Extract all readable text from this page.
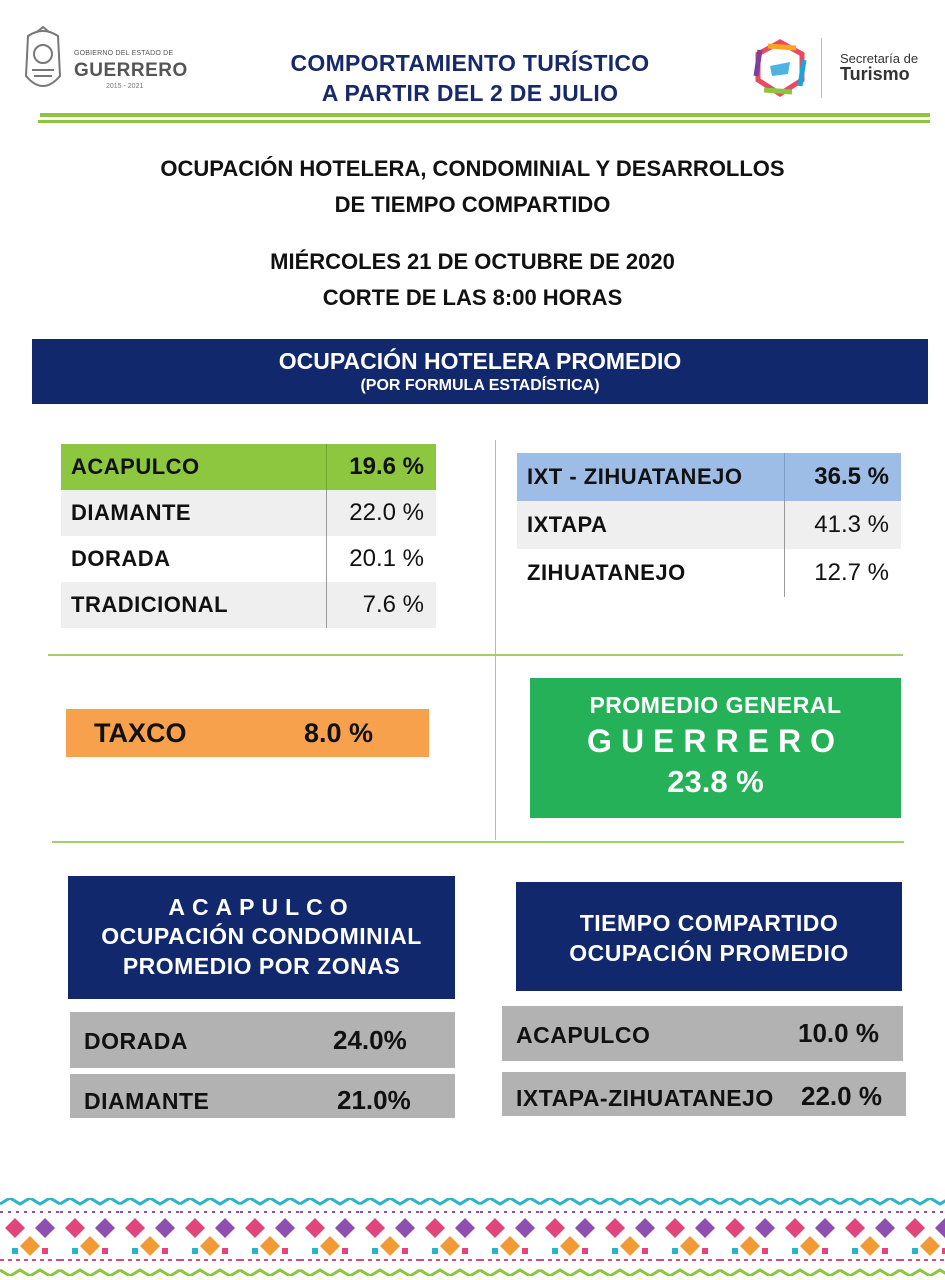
GOBIERNO DEL ESTADO DE
GUERRERO
2015 - 2021
COMPORTAMIENTO TURÍSTICO
A PARTIR DEL 2 DE JULIO
Secretaría de
Turismo
OCUPACIÓN HOTELERA, CONDOMINIAL Y DESARROLLOS
DE TIEMPO COMPARTIDO
MIÉRCOLES 21 DE OCTUBRE DE 2020
CORTE DE LAS 8:00 HORAS
OCUPACIÓN HOTELERA PROMEDIO
(POR FORMULA ESTADÍSTICA)
ACAPULCO	19.6 %
DIAMANTE	22.0 %
DORADA	20.1 %
TRADICIONAL	7.6 %
IXT - ZIHUATANEJO	36.5 %
IXTAPA	41.3 %
ZIHUATANEJO	12.7 %
TAXCO	8.0 %
PROMEDIO GENERAL
GUERRERO
23.8 %
ACAPULCO
OCUPACIÓN CONDOMINIAL
PROMEDIO POR ZONAS
DORADA	24.0%
DIAMANTE	21.0%
TIEMPO COMPARTIDO
OCUPACIÓN PROMEDIO
ACAPULCO	10.0 %
IXTAPA-ZIHUATANEJO 22.0 %
